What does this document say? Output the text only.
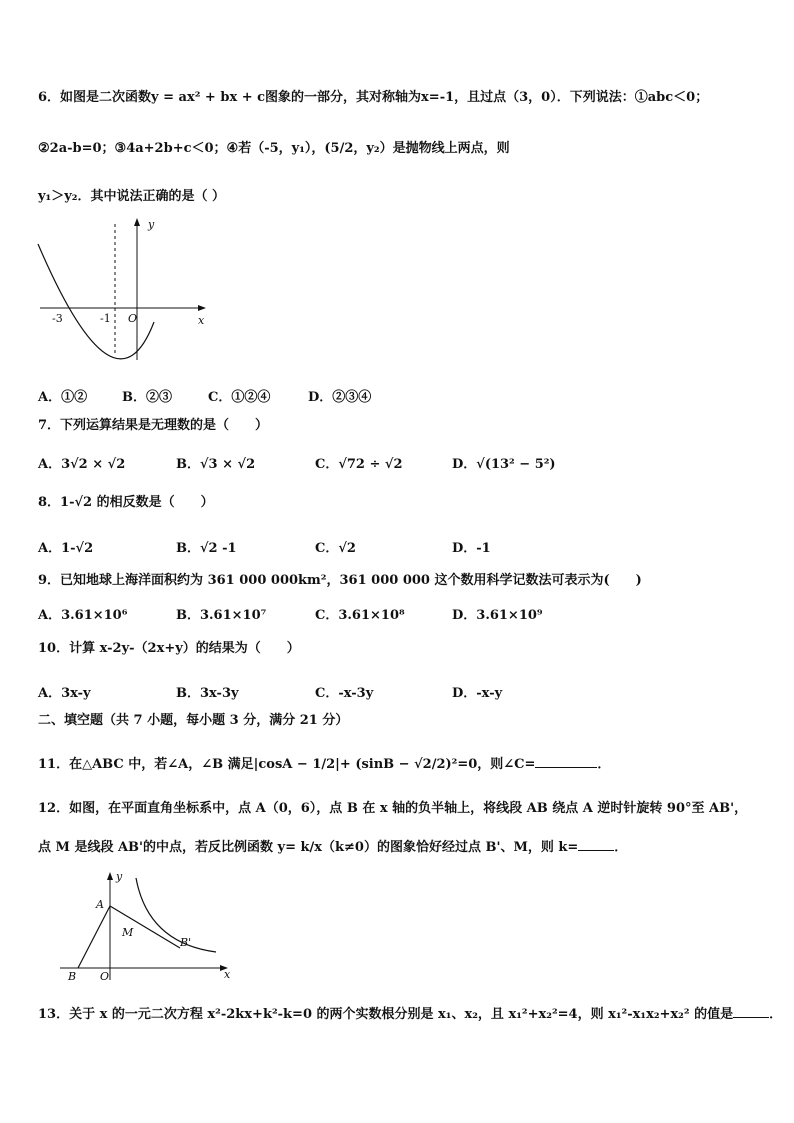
6．如图是二次函数y = ax² + bx + c图象的一部分，其对称轴为x=-1，且过点（3，0）．下列说法：①abc＜0；
②2a-b=0；③4a+2b+c＜0；④若（-5，y₁），(5/2，y₂）是抛物线上两点，则
y₁＞y₂．其中说法正确的是（ ）
y
x
O
-3	-1
A．①②	B．②③	C．①②④	D．②③④
7．下列运算结果是无理数的是（　　）
A．3√2 × √2	B．√3 × √2	C．√72 ÷ √2	D．√(13² − 5²)
8．1-√2 的相反数是（　　）
A．1-√2	B．√2 -1	C．√2	D．-1
9．已知地球上海洋面积约为 361 000 000km²，361 000 000 这个数用科学记数法可表示为(　　)
A．3.61×10⁶	B．3.61×10⁷	C．3.61×10⁸	D．3.61×10⁹
10．计算 x-2y-（2x+y）的结果为（　　）
A．3x-y	B．3x-3y	C．-x-3y	D．-x-y
二、填空题（共 7 小题，每小题 3 分，满分 21 分）
11．在△ABC 中，若∠A，∠B 满足|cosA − 1/2|+ (sinB − √2/2)²=0，则∠C=	．
12．如图，在平面直角坐标系中，点 A（0，6），点 B 在 x 轴的负半轴上，将线段 AB 绕点 A 逆时针旋转 90°至 AB'，
点 M 是线段 AB'的中点，若反比例函数 y= k/x（k≠0）的图象恰好经过点 B'、M，则 k=	．
y
x
O
A
B
M
B'
13．关于 x 的一元二次方程 x²-2kx+k²-k=0 的两个实数根分别是 x₁、x₂，且 x₁²+x₂²=4，则 x₁²-x₁x₂+x₂² 的值是	．
